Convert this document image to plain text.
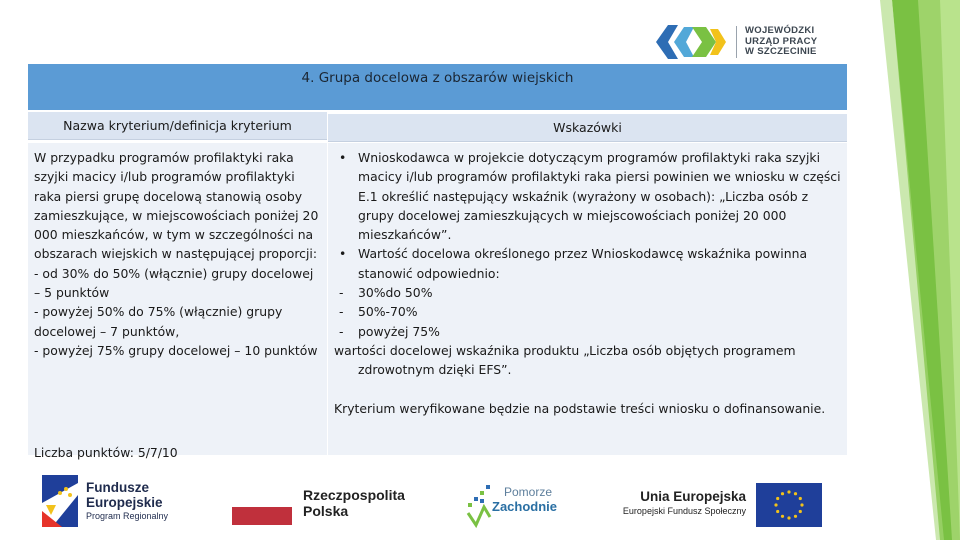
WOJEWÓDZKI
URZĄD PRACY
W SZCZECINIE
4. Grupa docelowa z obszarów wiejskich
Nazwa kryterium/definicja kryterium	Wskazówki
W przypadku programów profilaktyki raka szyjki macicy i/lub programów profilaktyki raka piersi grupę docelową stanowią osoby zamieszkujące, w miejscowościach poniżej 20 000 mieszkańców, w tym w szczególności na obszarach wiejskich w następującej proporcji:
- od 30% do 50% (włącznie) grupy docelowej – 5 punktów
- powyżej 50% do 75% (włącznie) grupy docelowej – 7 punktów,
- powyżej 75% grupy docelowej – 10 punktów
Liczba punktów: 5/7/10
• Wnioskodawca w projekcie dotyczącym programów profilaktyki raka szyjki macicy i/lub programów profilaktyki raka piersi powinien we wniosku w części E.1 określić następujący wskaźnik (wyrażony w osobach): „Liczba osób z grupy docelowej zamieszkujących w miejscowościach poniżej 20 000 mieszkańców”.
• Wartość docelowa określonego przez Wnioskodawcę wskaźnika powinna stanowić odpowiednio:
- 30%do 50%
- 50%-70%
- powyżej 75%
wartości docelowej wskaźnika produktu „Liczba osób objętych programem zdrowotnym dzięki EFS”.
Kryterium weryfikowane będzie na podstawie treści wniosku o dofinansowanie.
Fundusze
Europejskie
Program Regionalny
Rzeczpospolita
Polska
Pomorze
Zachodnie
Unia Europejska
Europejski Fundusz Społeczny
